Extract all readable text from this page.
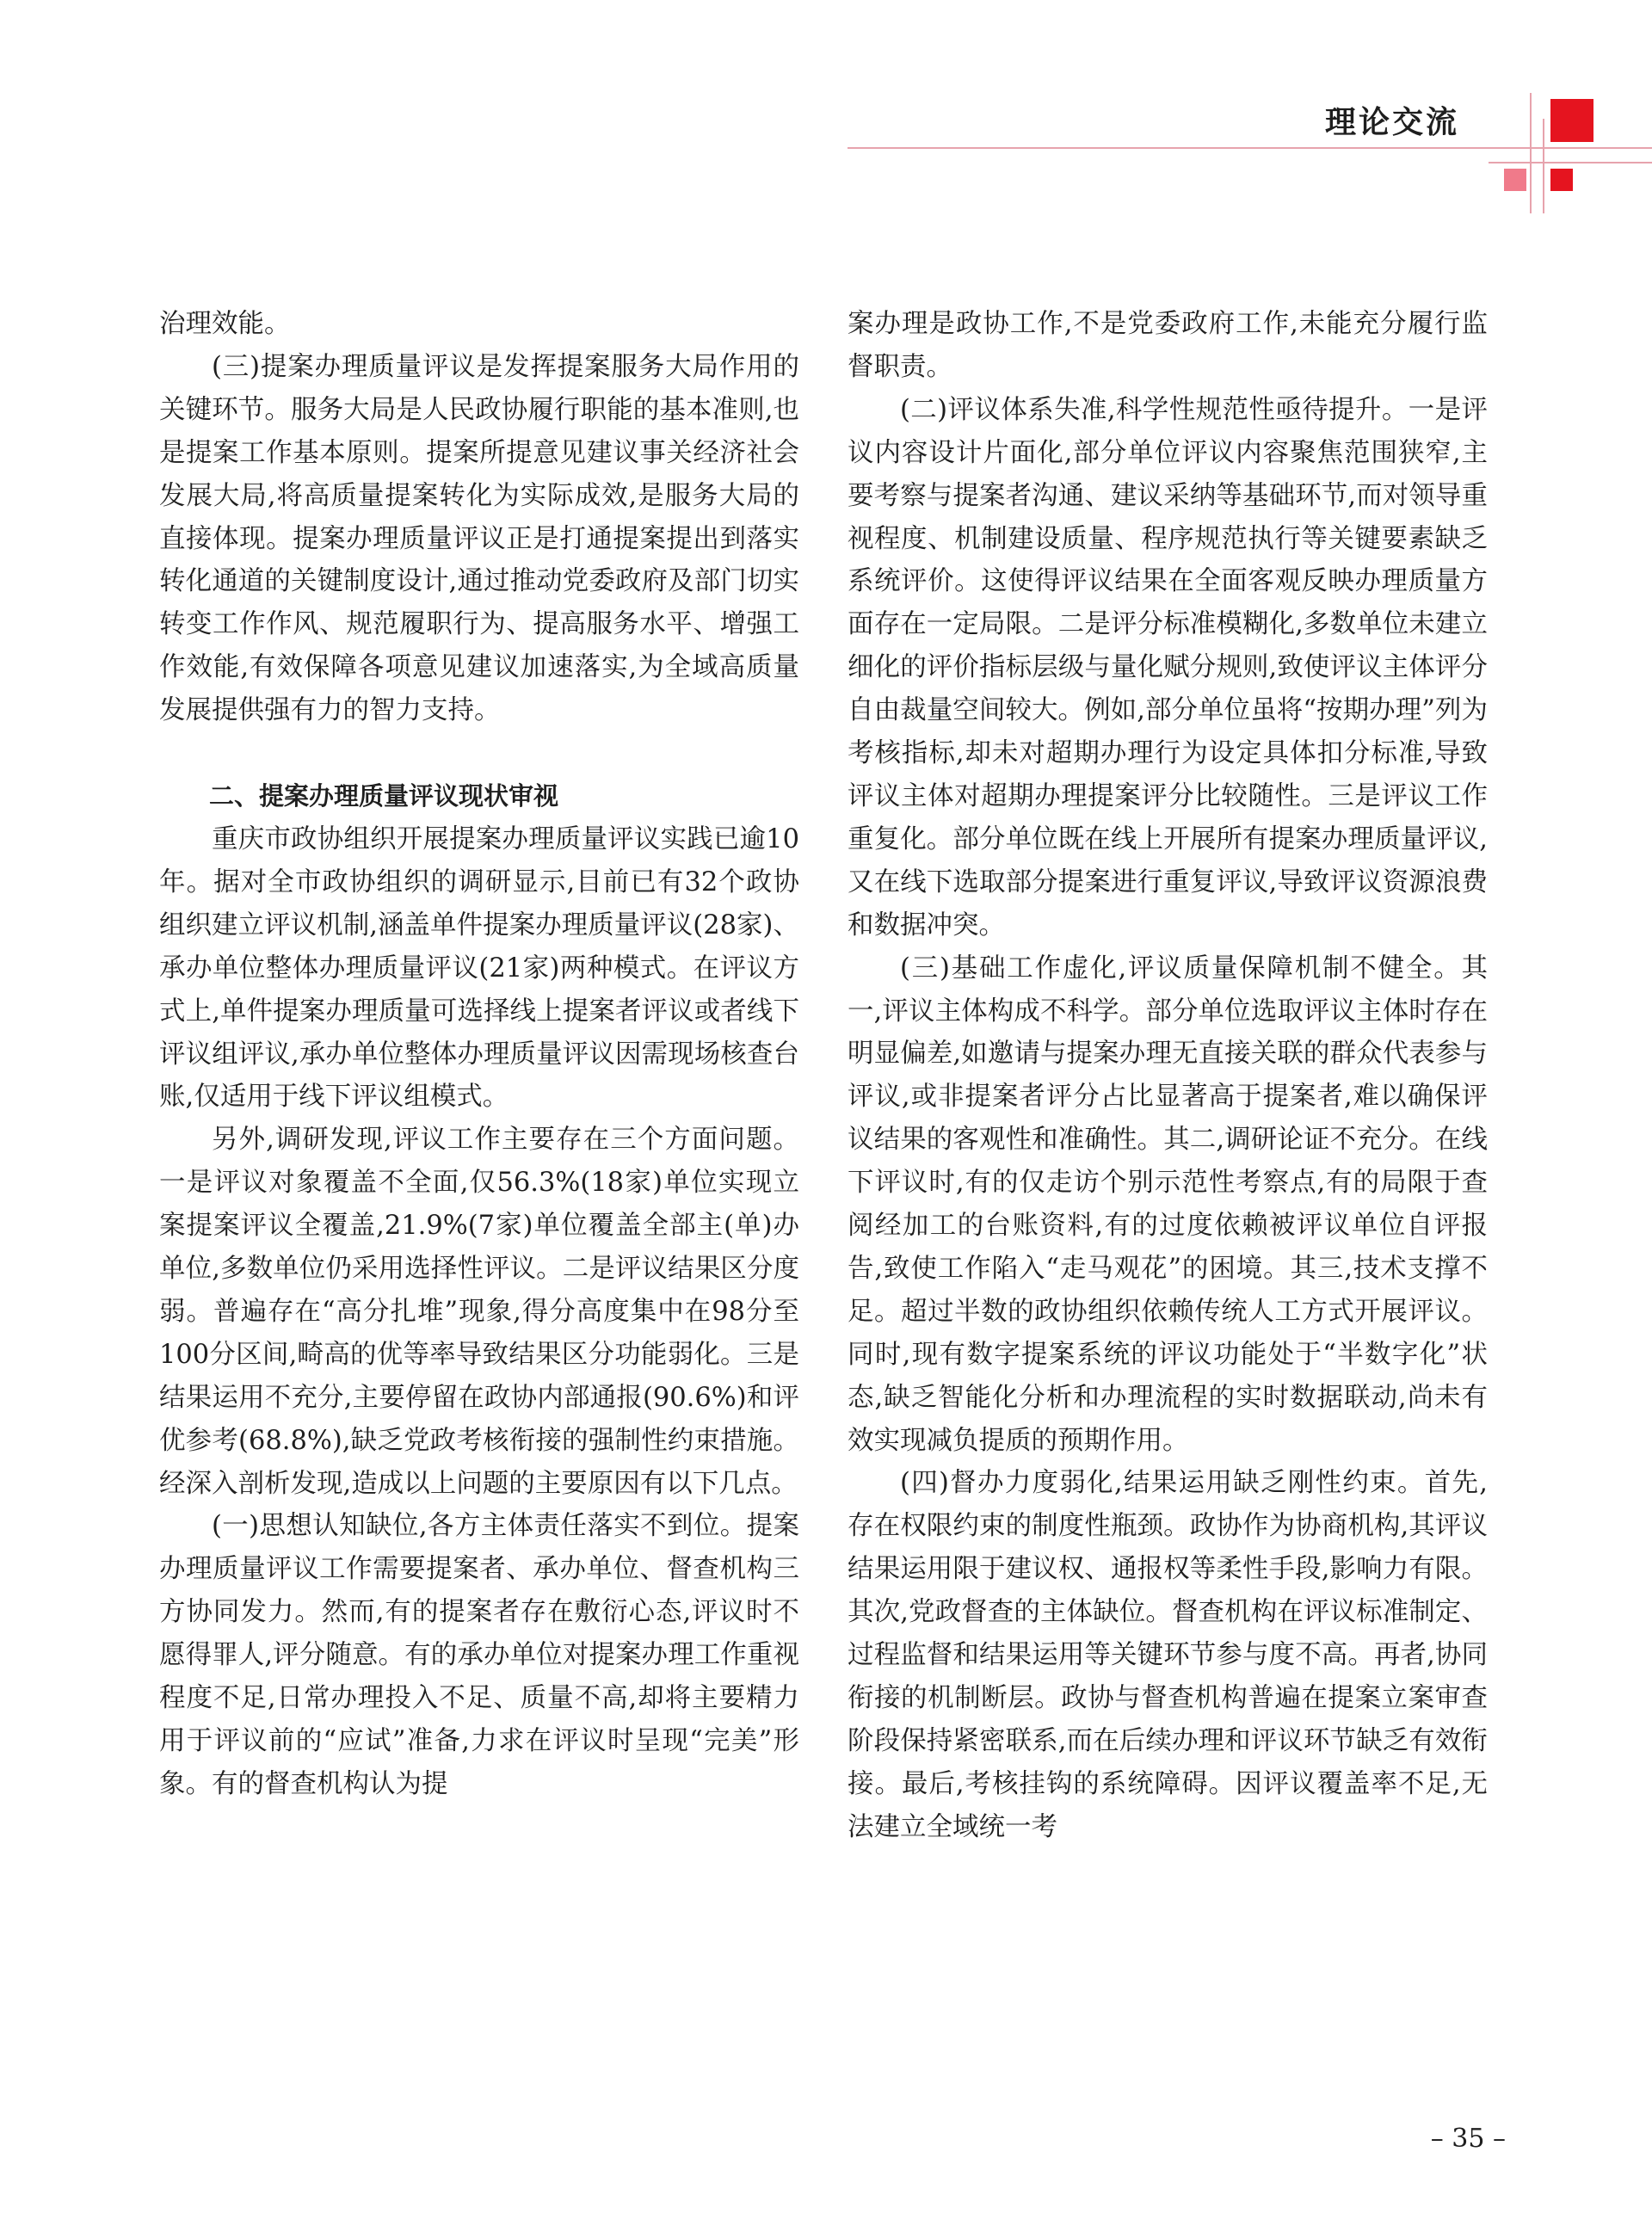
理论交流

治理效能。

(三)提案办理质量评议是发挥提案服务大局作用的关键环节。服务大局是人民政协履行职能的基本准则,也是提案工作基本原则。提案所提意见建议事关经济社会发展大局,将高质量提案转化为实际成效,是服务大局的直接体现。提案办理质量评议正是打通提案提出到落实转化通道的关键制度设计,通过推动党委政府及部门切实转变工作作风、规范履职行为、提高服务水平、增强工作效能,有效保障各项意见建议加速落实,为全域高质量发展提供强有力的智力支持。

二、提案办理质量评议现状审视

重庆市政协组织开展提案办理质量评议实践已逾10年。据对全市政协组织的调研显示,目前已有32个政协组织建立评议机制,涵盖单件提案办理质量评议(28家)、承办单位整体办理质量评议(21家)两种模式。在评议方式上,单件提案办理质量可选择线上提案者评议或者线下评议组评议,承办单位整体办理质量评议因需现场核查台账,仅适用于线下评议组模式。

另外,调研发现,评议工作主要存在三个方面问题。一是评议对象覆盖不全面,仅56.3%(18家)单位实现立案提案评议全覆盖,21.9%(7家)单位覆盖全部主(单)办单位,多数单位仍采用选择性评议。二是评议结果区分度弱。普遍存在“高分扎堆”现象,得分高度集中在98分至100分区间,畸高的优等率导致结果区分功能弱化。三是结果运用不充分,主要停留在政协内部通报(90.6%)和评优参考(68.8%),缺乏党政考核衔接的强制性约束措施。经深入剖析发现,造成以上问题的主要原因有以下几点。

(一)思想认知缺位,各方主体责任落实不到位。提案办理质量评议工作需要提案者、承办单位、督查机构三方协同发力。然而,有的提案者存在敷衍心态,评议时不愿得罪人,评分随意。有的承办单位对提案办理工作重视程度不足,日常办理投入不足、质量不高,却将主要精力用于评议前的“应试”准备,力求在评议时呈现“完美”形象。有的督查机构认为提

案办理是政协工作,不是党委政府工作,未能充分履行监督职责。

(二)评议体系失准,科学性规范性亟待提升。一是评议内容设计片面化,部分单位评议内容聚焦范围狭窄,主要考察与提案者沟通、建议采纳等基础环节,而对领导重视程度、机制建设质量、程序规范执行等关键要素缺乏系统评价。这使得评议结果在全面客观反映办理质量方面存在一定局限。二是评分标准模糊化,多数单位未建立细化的评价指标层级与量化赋分规则,致使评议主体评分自由裁量空间较大。例如,部分单位虽将“按期办理”列为考核指标,却未对超期办理行为设定具体扣分标准,导致评议主体对超期办理提案评分比较随性。三是评议工作重复化。部分单位既在线上开展所有提案办理质量评议,又在线下选取部分提案进行重复评议,导致评议资源浪费和数据冲突。

(三)基础工作虚化,评议质量保障机制不健全。其一,评议主体构成不科学。部分单位选取评议主体时存在明显偏差,如邀请与提案办理无直接关联的群众代表参与评议,或非提案者评分占比显著高于提案者,难以确保评议结果的客观性和准确性。其二,调研论证不充分。在线下评议时,有的仅走访个别示范性考察点,有的局限于查阅经加工的台账资料,有的过度依赖被评议单位自评报告,致使工作陷入“走马观花”的困境。其三,技术支撑不足。超过半数的政协组织依赖传统人工方式开展评议。同时,现有数字提案系统的评议功能处于“半数字化”状态,缺乏智能化分析和办理流程的实时数据联动,尚未有效实现减负提质的预期作用。

(四)督办力度弱化,结果运用缺乏刚性约束。首先,存在权限约束的制度性瓶颈。政协作为协商机构,其评议结果运用限于建议权、通报权等柔性手段,影响力有限。其次,党政督查的主体缺位。督查机构在评议标准制定、过程监督和结果运用等关键环节参与度不高。再者,协同衔接的机制断层。政协与督查机构普遍在提案立案审查阶段保持紧密联系,而在后续办理和评议环节缺乏有效衔接。最后,考核挂钩的系统障碍。因评议覆盖率不足,无法建立全域统一考

– 35 –
